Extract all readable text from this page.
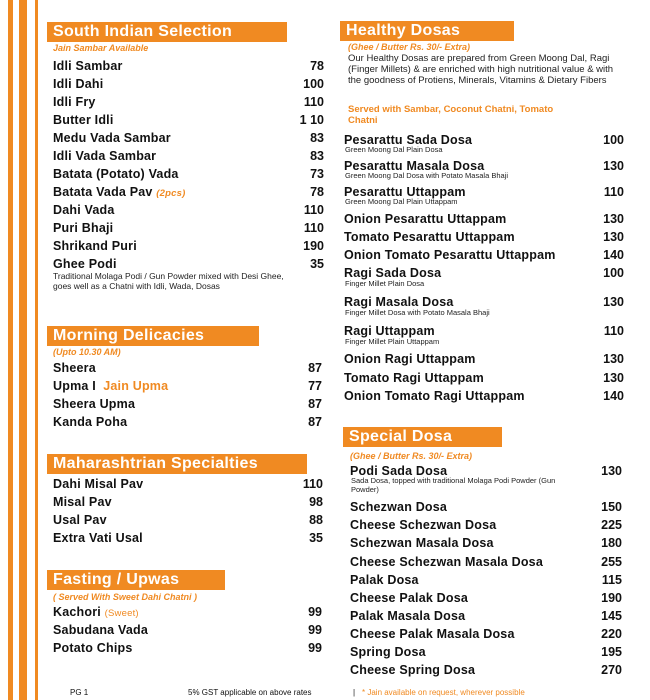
South Indian Selection
Jain Sambar Available
Idli Sambar	78
Idli Dahi	100
Idli Fry	110
Butter Idli	1 10
Medu Vada Sambar	83
Idli Vada Sambar	83
Batata (Potato) Vada	73
Batata Vada Pav (2pcs)	78
Dahi Vada	110
Puri Bhaji	110
Shrikand Puri	190
Ghee Podi	35
Traditional Molaga Podi / Gun Powder mixed with Desi Ghee, goes well as a Chatni with Idli, Wada, Dosas
Morning Delicacies
(Upto 10.30 AM)
Sheera	87
Upma I Jain Upma	77
Sheera Upma	87
Kanda Poha	87
Maharashtrian Specialties
Dahi Misal Pav	110
Misal Pav	98
Usal Pav	88
Extra Vati Usal	35
Fasting / Upwas
( Served With Sweet Dahi Chatni )
Kachori (Sweet)	99
Sabudana Vada	99
Potato Chips	99
Healthy Dosas
(Ghee / Butter Rs. 30/- Extra)
Our Healthy Dosas are prepared from Green Moong Dal, Ragi (Finger Millets) & are enriched with high nutritional value & with the goodness of Protiens, Minerals, Vitamins & Dietary Fibers
Served with Sambar, Coconut Chatni, Tomato Chatni
Pesarattu Sada Dosa	100
Green Moong Dal Plain Dosa
Pesarattu Masala Dosa	130
Green Moong Dal Dosa with Potato Masala Bhaji
Pesarattu Uttappam	110
Green Moong Dal Plain Uttappam
Onion Pesarattu Uttappam	130
Tomato Pesarattu Uttappam	130
Onion Tomato Pesarattu Uttappam	140
Ragi Sada Dosa	100
Finger Millet Plain Dosa
Ragi Masala Dosa	130
Finger Millet Dosa with Potato Masala Bhaji
Ragi Uttappam	110
Finger Millet Plain Uttappam
Onion Ragi Uttappam	130
Tomato Ragi Uttappam	130
Onion Tomato Ragi Uttappam	140
Special Dosa
(Ghee / Butter Rs. 30/- Extra)
Podi Sada Dosa	130
Sada Dosa, topped with traditional Molaga Podi Powder (Gun Powder)
Schezwan Dosa	150
Cheese Schezwan Dosa	225
Schezwan Masala Dosa	180
Cheese Schezwan Masala Dosa	255
Palak Dosa	115
Cheese Palak Dosa	190
Palak Masala Dosa	145
Cheese Palak Masala Dosa	220
Spring Dosa	195
Cheese Spring Dosa	270
PG 1	5% GST applicable on above rates	| * Jain available on request, wherever possible
